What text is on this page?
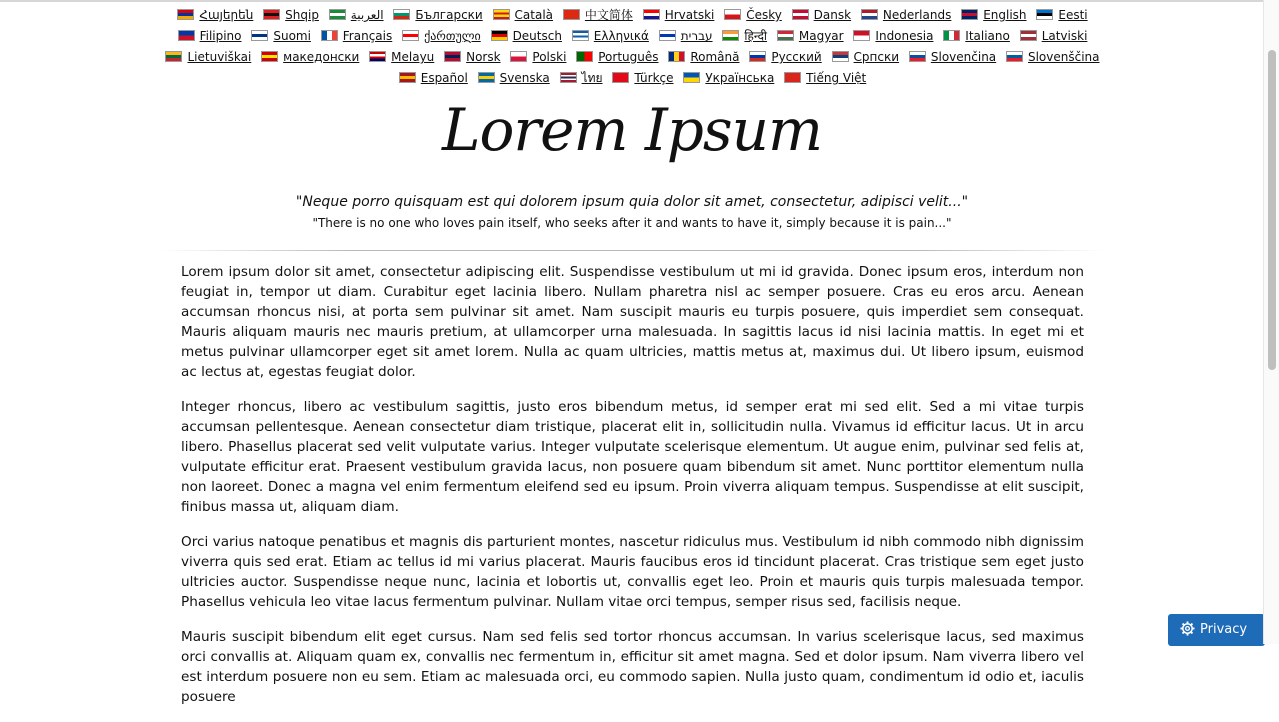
Հայերեն	Shqip	العربية	Български	Català	中文简体	Hrvatski	Česky	Dansk	Nederlands	English	Eesti Filipino	Suomi	Français	ქართული	Deutsch	Ελληνικά	עברית	हिन्दी	Magyar	Indonesia	Italiano	Latviski Lietuviškai	македонски	Melayu	Norsk	Polski	Português	Română	Русский	Српски	Slovenčina	Slovenščina Español	Svenska	ไทย	Türkçe	Українська	Tiếng Việt
Lorem Ipsum

"Neque porro quisquam est qui dolorem ipsum quia dolor sit amet, consectetur, adipisci velit..."

"There is no one who loves pain itself, who seeks after it and wants to have it, simply because it is pain..."

Lorem ipsum dolor sit amet, consectetur adipiscing elit. Suspendisse vestibulum ut mi id gravida. Donec ipsum eros, interdum non feugiat in, tempor ut diam. Curabitur eget lacinia libero. Nullam pharetra nisl ac semper posuere. Cras eu eros arcu. Aenean accumsan rhoncus nisi, at porta sem pulvinar sit amet. Nam suscipit mauris eu turpis posuere, quis imperdiet sem consequat. Mauris aliquam mauris nec mauris pretium, at ullamcorper urna malesuada. In sagittis lacus id nisi lacinia mattis. In eget mi et metus pulvinar ullamcorper eget sit amet lorem. Nulla ac quam ultricies, mattis metus at, maximus dui. Ut libero ipsum, euismod ac lectus at, egestas feugiat dolor.

Integer rhoncus, libero ac vestibulum sagittis, justo eros bibendum metus, id semper erat mi sed elit. Sed a mi vitae turpis accumsan pellentesque. Aenean consectetur diam tristique, placerat elit in, sollicitudin nulla. Vivamus id efficitur lacus. Ut in arcu libero. Phasellus placerat sed velit vulputate varius. Integer vulputate scelerisque elementum. Ut augue enim, pulvinar sed felis at, vulputate efficitur erat. Praesent vestibulum gravida lacus, non posuere quam bibendum sit amet. Nunc porttitor elementum nulla non laoreet. Donec a magna vel enim fermentum eleifend sed eu ipsum. Proin viverra aliquam tempus. Suspendisse at elit suscipit, finibus massa ut, aliquam diam.

Orci varius natoque penatibus et magnis dis parturient montes, nascetur ridiculus mus. Vestibulum id nibh commodo nibh dignissim viverra quis sed erat. Etiam ac tellus id mi varius placerat. Mauris faucibus eros id tincidunt placerat. Cras tristique sem eget justo ultricies auctor. Suspendisse neque nunc, lacinia et lobortis ut, convallis eget leo. Proin et mauris quis turpis malesuada tempor. Phasellus vehicula leo vitae lacus fermentum pulvinar. Nullam vitae orci tempus, semper risus sed, facilisis neque.

Mauris suscipit bibendum elit eget cursus. Nam sed felis sed tortor rhoncus accumsan. In varius scelerisque lacus, sed maximus orci convallis at. Aliquam quam ex, convallis nec fermentum in, efficitur sit amet magna. Sed et dolor ipsum. Nam viverra libero vel est interdum posuere non eu sem. Etiam ac malesuada orci, eu commodo sapien. Nulla justo quam, condimentum id odio et, iaculis posuere

Privacy
